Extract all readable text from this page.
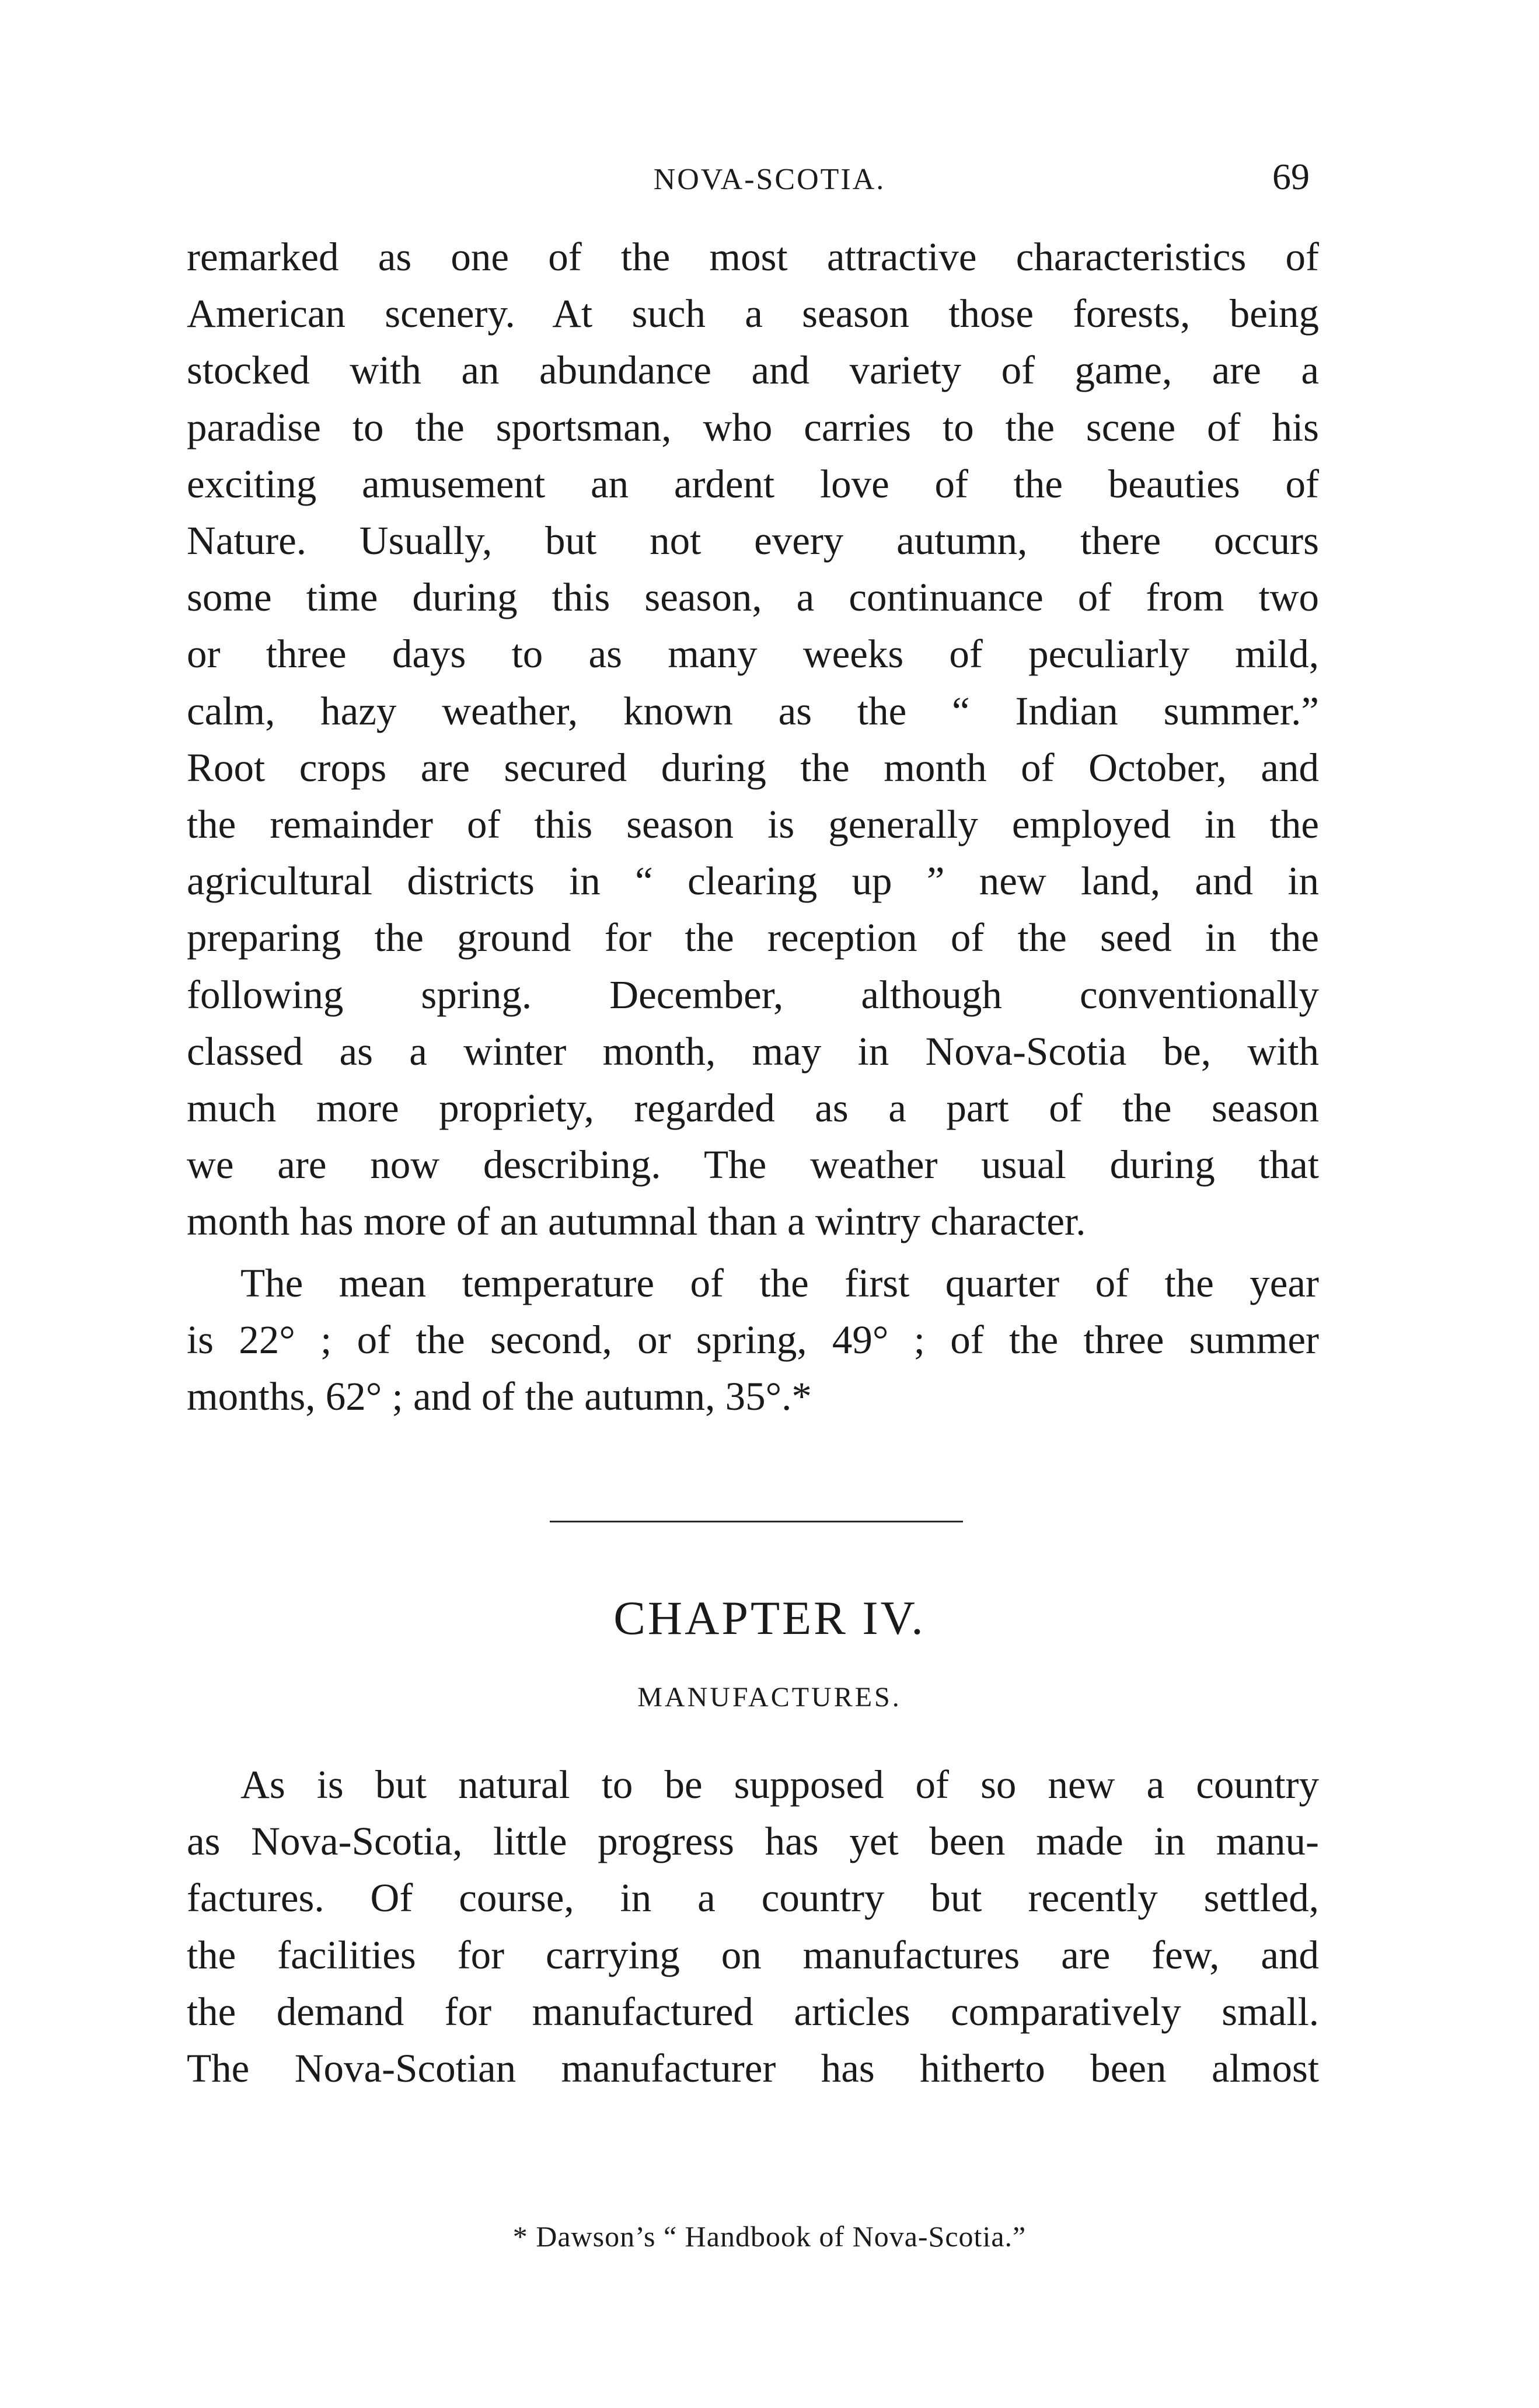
NOVA-SCOTIA.	69
remarked as one of the most attractive characteristics of
American scenery. At such a season those forests, being
stocked with an abundance and variety of game, are a
paradise to the sportsman, who carries to the scene of his
exciting amusement an ardent love of the beauties of
Nature. Usually, but not every autumn, there occurs
some time during this season, a continuance of from two
or three days to as many weeks of peculiarly mild,
calm, hazy weather, known as the “ Indian summer.”
Root crops are secured during the month of October, and
the remainder of this season is generally employed in the
agricultural districts in “ clearing up ” new land, and in
preparing the ground for the reception of the seed in the
following spring. December, although conventionally
classed as a winter month, may in Nova-Scotia be, with
much more propriety, regarded as a part of the season
we are now describing. The weather usual during that
month has more of an autumnal than a wintry character.
The mean temperature of the first quarter of the year
is 22° ; of the second, or spring, 49° ; of the three summer
months, 62° ; and of the autumn, 35°.*
CHAPTER IV.
MANUFACTURES.
As is but natural to be supposed of so new a country
as Nova-Scotia, little progress has yet been made in manu-
factures. Of course, in a country but recently settled,
the facilities for carrying on manufactures are few, and
the demand for manufactured articles comparatively small.
The Nova-Scotian manufacturer has hitherto been almost
* Dawson’s “ Handbook of Nova-Scotia.”
